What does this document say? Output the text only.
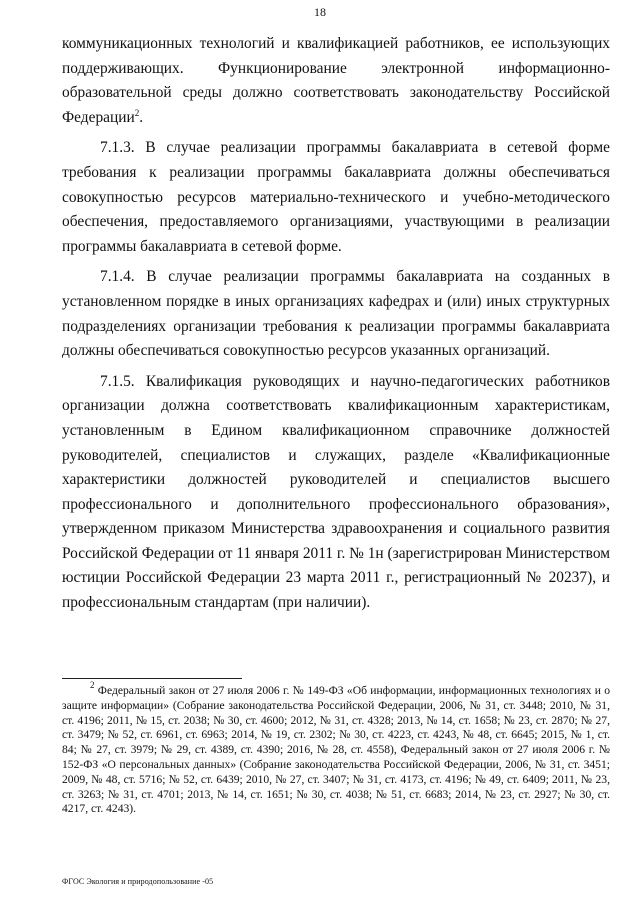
18

коммуникационных технологий и квалификацией работников, ее использующих поддерживающих. Функционирование электронной информационно-образовательной среды должно соответствовать законодательству Российской Федерации$^2$.

7.1.3. В случае реализации программы бакалавриата в сетевой форме требования к реализации программы бакалавриата должны обеспечиваться совокупностью ресурсов материально-технического и учебно-методического обеспечения, предоставляемого организациями, участвующими в реализации программы бакалавриата в сетевой форме.

7.1.4. В случае реализации программы бакалавриата на созданных в установленном порядке в иных организациях кафедрах и (или) иных структурных подразделениях организации требования к реализации программы бакалавриата должны обеспечиваться совокупностью ресурсов указанных организаций.

7.1.5. Квалификация руководящих и научно-педагогических работников организации должна соответствовать квалификационным характеристикам, установленным в Едином квалификационном справочнике должностей руководителей, специалистов и служащих, разделе «Квалификационные характеристики должностей руководителей и специалистов высшего профессионального и дополнительного профессионального образования», утвержденном приказом Министерства здравоохранения и социального развития Российской Федерации от 11 января 2011 г. № 1н (зарегистрирован Министерством юстиции Российской Федерации 23 марта 2011 г., регистрационный № 20237), и профессиональным стандартам (при наличии).

$^2$ Федеральный закон от 27 июля 2006 г. № 149-ФЗ «Об информации, информационных технологиях и о защите информации» (Собрание законодательства Российской Федерации, 2006, № 31, ст. 3448; 2010, № 31, ст. 4196; 2011, № 15, ст. 2038; № 30, ст. 4600; 2012, № 31, ст. 4328; 2013, № 14, ст. 1658; № 23, ст. 2870; № 27, ст. 3479; № 52, ст. 6961, ст. 6963; 2014, № 19, ст. 2302; № 30, ст. 4223, ст. 4243, № 48, ст. 6645; 2015, № 1, ст. 84; № 27, ст. 3979; № 29, ст. 4389, ст. 4390; 2016, № 28, ст. 4558), Федеральный закон от 27 июля 2006 г. № 152-ФЗ «О персональных данных» (Собрание законодательства Российской Федерации, 2006, № 31, ст. 3451; 2009, № 48, ст. 5716; № 52, ст. 6439; 2010, № 27, ст. 3407; № 31, ст. 4173, ст. 4196; № 49, ст. 6409; 2011, № 23, ст. 3263; № 31, ст. 4701; 2013, № 14, ст. 1651; № 30, ст. 4038; № 51, ст. 6683; 2014, № 23, ст. 2927; № 30, ст. 4217, ст. 4243).
ФГОС Экология и природопользование -05
